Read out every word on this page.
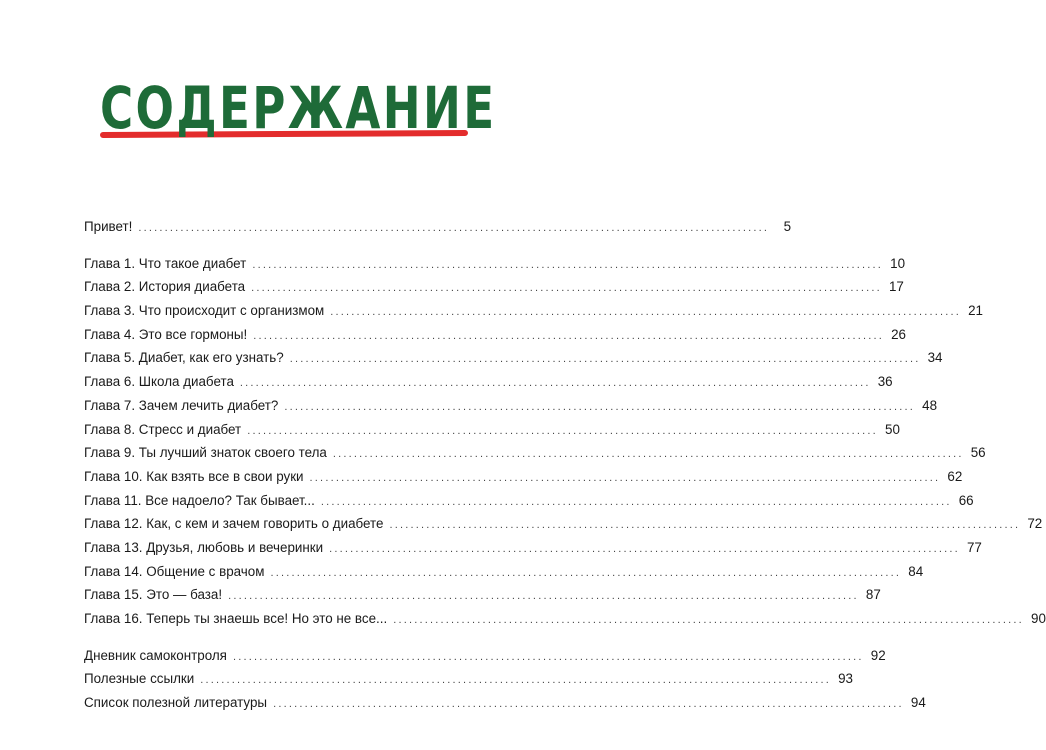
СОДЕРЖАНИЕ
Привет! ........................................................................................................................	5
Глава 1. Что такое диабет ........................................................................................................................ 10
Глава 2. История диабета ........................................................................................................................ 17
Глава 3. Что происходит с организмом ........................................................................................................................ 21
Глава 4. Это все гормоны! ........................................................................................................................ 26
Глава 5. Диабет, как его узнать? ........................................................................................................................ 34
Глава 6. Школа диабета ........................................................................................................................ 36
Глава 7. Зачем лечить диабет? ........................................................................................................................ 48
Глава 8. Стресс и диабет ........................................................................................................................ 50
Глава 9. Ты лучший знаток своего тела ........................................................................................................................ 56
Глава 10. Как взять все в свои руки ........................................................................................................................ 62
Глава 11. Все надоело? Так бывает... ........................................................................................................................ 66
Глава 12. Как, с кем и зачем говорить о диабете ........................................................................................................................ 72
Глава 13. Друзья, любовь и вечеринки ........................................................................................................................ 77
Глава 14. Общение с врачом ........................................................................................................................ 84
Глава 15. Это — база! ........................................................................................................................ 87
Глава 16. Теперь ты знаешь все! Но это не все... ........................................................................................................................ 90
Дневник самоконтроля ........................................................................................................................ 92
Полезные ссылки ........................................................................................................................ 93
Список полезной литературы ........................................................................................................................ 94
